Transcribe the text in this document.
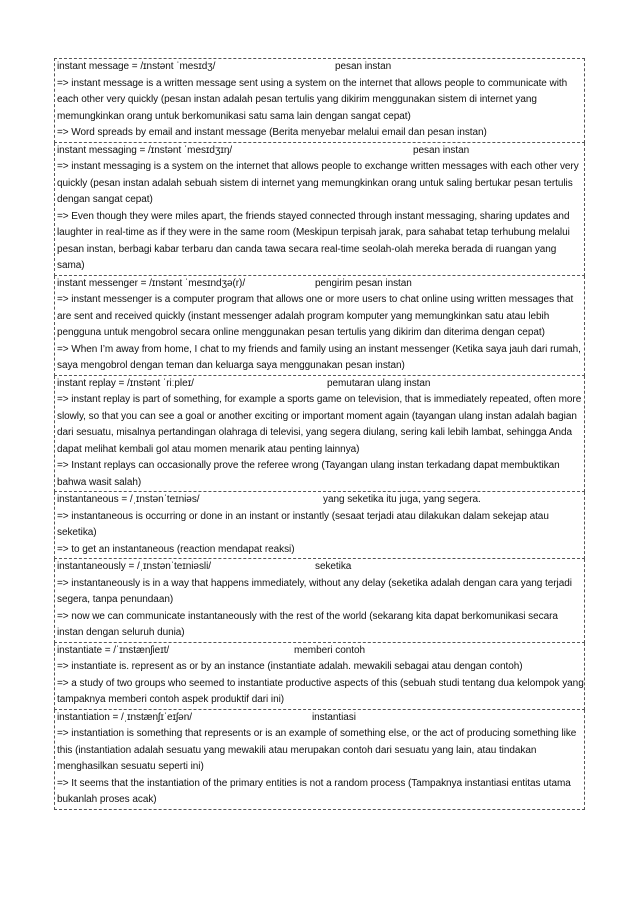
instant message = /ɪnstənt ˈmesɪdʒ/	pesan instan
=> instant message is a written message sent using a system on the internet that allows people to communicate with each other very quickly (pesan instan adalah pesan tertulis yang dikirim menggunakan sistem di internet yang memungkinkan orang untuk berkomunikasi satu sama lain dengan sangat cepat)
=> Word spreads by email and instant message (Berita menyebar melalui email dan pesan instan)
instant messaging = /ɪnstənt ˈmesɪdʒɪŋ/	pesan instan
=> instant messaging is a system on the internet that allows people to exchange written messages with each other very quickly (pesan instan adalah sebuah sistem di internet yang memungkinkan orang untuk saling bertukar pesan tertulis dengan sangat cepat)
=> Even though they were miles apart, the friends stayed connected through instant messaging, sharing updates and laughter in real-time as if they were in the same room (Meskipun terpisah jarak, para sahabat tetap terhubung melalui pesan instan, berbagi kabar terbaru dan canda tawa secara real-time seolah-olah mereka berada di ruangan yang sama)
instant messenger = /ɪnstənt ˈmesɪndʒə(r)/	pengirim pesan instan
=> instant messenger is a computer program that allows one or more users to chat online using written messages that are sent and received quickly (instant messenger adalah program komputer yang memungkinkan satu atau lebih pengguna untuk mengobrol secara online menggunakan pesan tertulis yang dikirim dan diterima dengan cepat)
=> When I’m away from home, I chat to my friends and family using an instant messenger (Ketika saya jauh dari rumah, saya mengobrol dengan teman dan keluarga saya menggunakan pesan instan)
instant replay = /ɪnstənt ˈriːpleɪ/	pemutaran ulang instan
=> instant replay is part of something, for example a sports game on television, that is immediately repeated, often more slowly, so that you can see a goal or another exciting or important moment again (tayangan ulang instan adalah bagian dari sesuatu, misalnya pertandingan olahraga di televisi, yang segera diulang, sering kali lebih lambat, sehingga Anda dapat melihat kembali gol atau momen menarik atau penting lainnya)
=> Instant replays can occasionally prove the referee wrong (Tayangan ulang instan terkadang dapat membuktikan bahwa wasit salah)
instantaneous = /ˌɪnstənˈteɪniəs/	yang seketika itu juga, yang segera.
=> instantaneous is occurring or done in an instant or instantly (sesaat terjadi atau dilakukan dalam sekejap atau seketika)
=> to get an instantaneous (reaction mendapat reaksi)
instantaneously = /ˌɪnstənˈteɪniəsli/	seketika
=> instantaneously is in a way that happens immediately, without any delay (seketika adalah dengan cara yang terjadi segera, tanpa penundaan)
=> now we can communicate instantaneously with the rest of the world (sekarang kita dapat berkomunikasi secara instan dengan seluruh dunia)
instantiate = /ˈɪnstænʃieɪt/	memberi contoh
=> instantiate is. represent as or by an instance (instantiate adalah. mewakili sebagai atau dengan contoh)
=> a study of two groups who seemed to instantiate productive aspects of this (sebuah studi tentang dua kelompok yang tampaknya memberi contoh aspek produktif dari ini)
instantiation = /ˌɪnstænʃɪˈeɪʃən/	instantiasi
=> instantiation is something that represents or is an example of something else, or the act of producing something like this (instantiation adalah sesuatu yang mewakili atau merupakan contoh dari sesuatu yang lain, atau tindakan menghasilkan sesuatu seperti ini)
=> It seems that the instantiation of the primary entities is not a random process (Tampaknya instantiasi entitas utama bukanlah proses acak)
